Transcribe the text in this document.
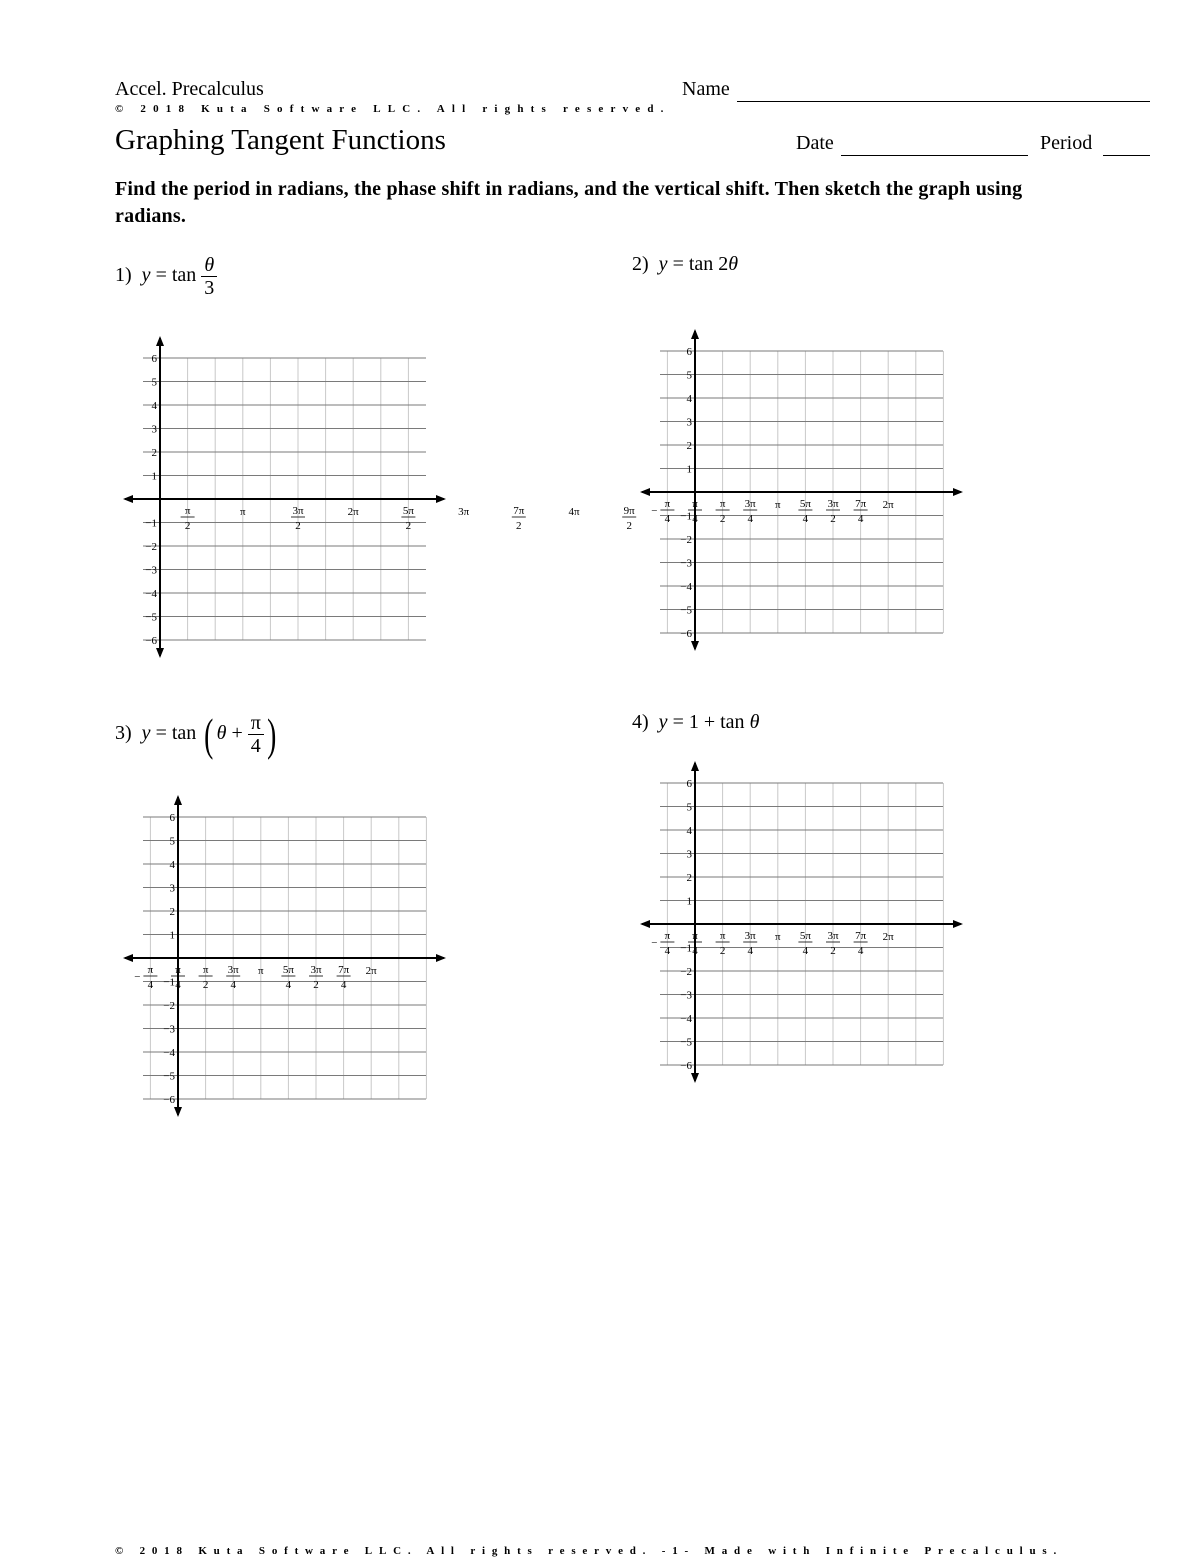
Accel. Precalculus	Name
© 2018 Kuta Software LLC. All rights reserved.
Graphing Tangent Functions	Date	Period
Find the period in radians, the phase shift in radians, and the vertical shift. Then sketch the graph using radians.
1) $y = \tan \frac{\theta}{3}$	2) y = tan 2θ
3) y = tan ( $\theta + \frac{\pi}{4}$ )	4) y = 1 + tan θ
6
5
4
3
2
1
−1
−2
−3
−4
−5
−6
π
2
π	3π
2
2π	5π
2
3π	7π
2
4π	9π
2
6
5
4
3
2
1
−1
−2
−3
−4
−5
−6
π
4
−
π
4
π
2
3π
4
π 5π
4
3π
2
7π
4
2π
6
5
4
3
2
1
−1
−2
−3
−4
−5
−6
π
4
−
π
4
π
2
3π
4
π 5π
4
3π
2
7π
4
2π
6
5
4
3
2
1
−1
−2
−3
−4
−5
−6
π
4
−
π
4
π
2
3π
4
π 5π
4
3π
2
7π
4
2π
© 2018 Kuta Software LLC. All rights reserved. -1- Made with Infinite Precalculus.
